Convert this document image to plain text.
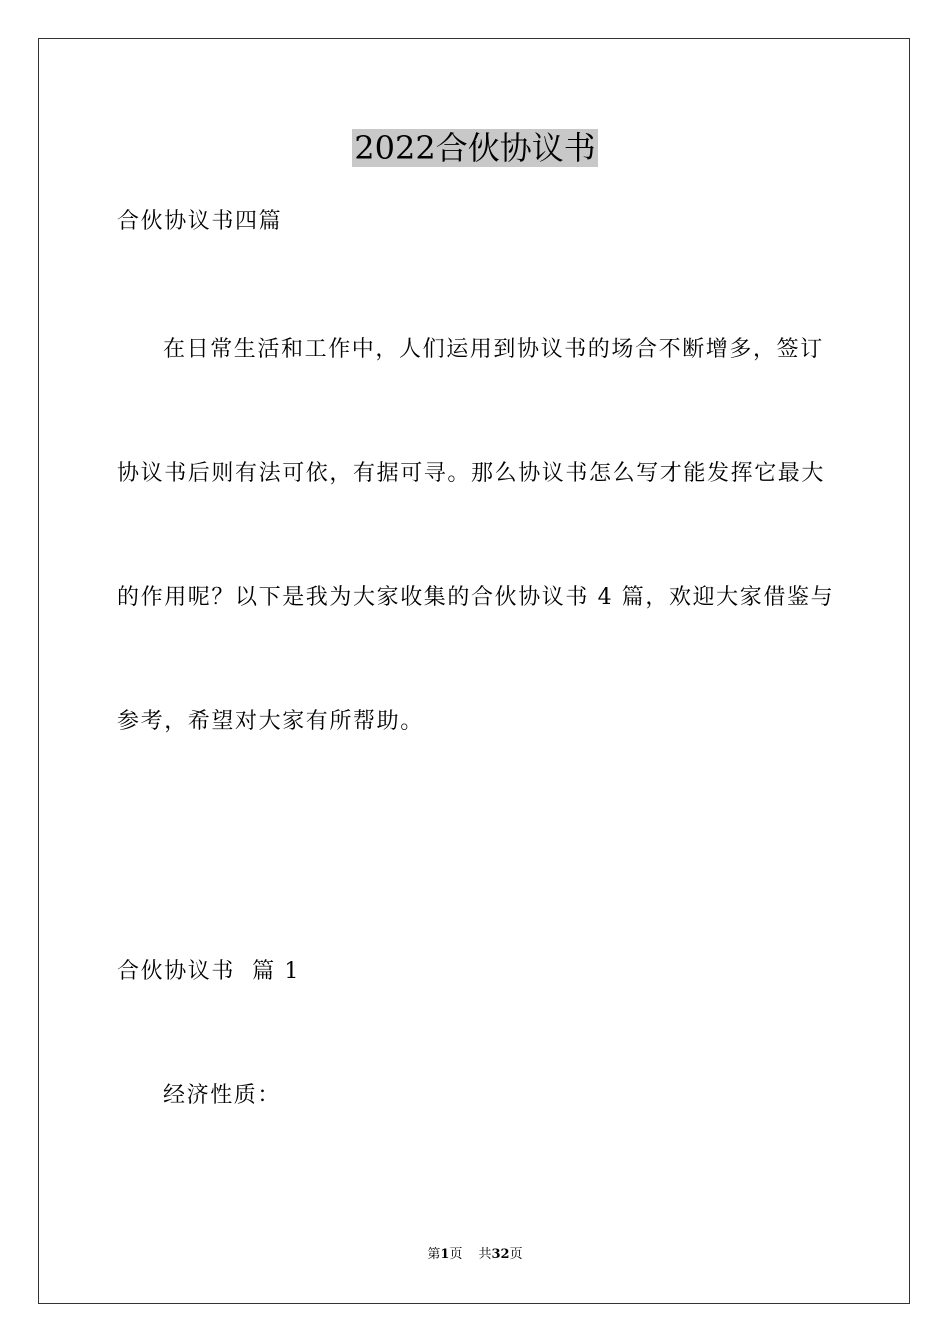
2022合伙协议书
合伙协议书四篇
在日常生活和工作中，人们运用到协议书的场合不断增多，签订
协议书后则有法可依，有据可寻。那么协议书怎么写才能发挥它最大
的作用呢？以下是我为大家收集的合伙协议书 4 篇，欢迎大家借鉴与
参考，希望对大家有所帮助。
合伙协议书  篇 1
经济性质：
第1页 共32页
